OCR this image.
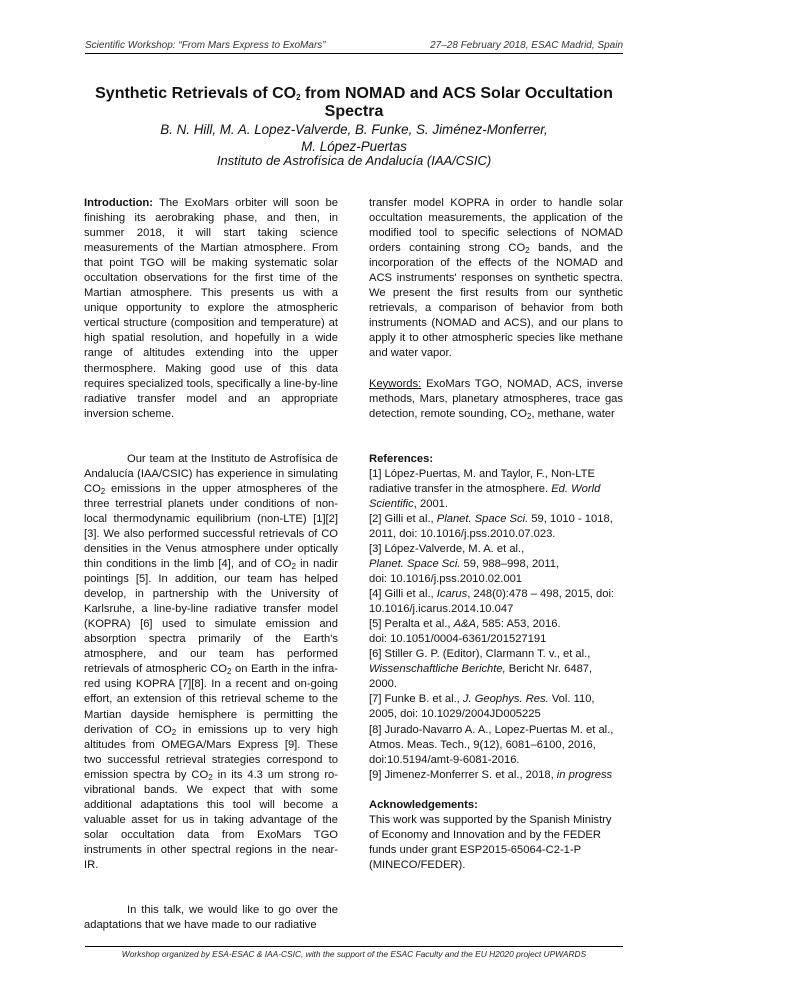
Scientific Workshop: “From Mars Express to ExoMars”	27–28 February 2018, ESAC Madrid, Spain
Synthetic Retrievals of $CO_2$ from NOMAD and ACS Solar Occultation
Spectra
B. N. Hill, M. A. Lopez-Valverde, B. Funke, S. Jiménez-Monferrer,
M. López-Puertas
Instituto de Astrofísica de Andalucía (IAA/CSIC)

Introduction: The ExoMars orbiter will soon be finishing its aerobraking phase, and then, in summer 2018, it will start taking science measurements of the Martian atmosphere. From that point TGO will be making systematic solar occultation observations for the first time of the Martian atmosphere. This presents us with a unique opportunity to explore the atmospheric vertical structure (composition and temperature) at high spatial resolution, and hopefully in a wide range of altitudes extending into the upper thermosphere. Making good use of this data requires specialized tools, specifically a line-by-line radiative transfer model and an appropriate inversion scheme.

Our team at the Instituto de Astrofísica de Andalucía (IAA/CSIC) has experience in simulating $CO_2$ emissions in the upper atmospheres of the three terrestrial planets under conditions of non-local thermodynamic equilibrium (non-LTE) [1][2][3]. We also performed successful retrievals of CO densities in the Venus atmosphere under optically thin conditions in the limb [4], and of $CO_2$ in nadir pointings [5]. In addition, our team has helped develop, in partnership with the University of Karlsruhe, a line-by-line radiative transfer model (KOPRA) [6] used to simulate emission and absorption spectra primarily of the Earth's atmosphere, and our team has performed retrievals of atmospheric $CO_2$ on Earth in the infra-red using KOPRA [7][8]. In a recent and on-going effort, an extension of this retrieval scheme to the Martian dayside hemisphere is permitting the derivation of $CO_2$ in emissions up to very high altitudes from OMEGA/Mars Express [9]. These two successful retrieval strategies correspond to emission spectra by $CO_2$ in its 4.3 um strong ro-vibrational bands. We expect that with some additional adaptations this tool will become a valuable asset for us in taking advantage of the solar occultation data from ExoMars TGO instruments in other spectral regions in the near-IR.

In this talk, we would like to go over the adaptations that we have made to our radiative

transfer model KOPRA in order to handle solar occultation measurements, the application of the modified tool to specific selections of NOMAD orders containing strong $CO_2$ bands, and the incorporation of the effects of the NOMAD and ACS instruments' responses on synthetic spectra. We present the first results from our synthetic retrievals, a comparison of behavior from both instruments (NOMAD and ACS), and our plans to apply it to other atmospheric species like methane and water vapor.

Keywords: ExoMars TGO, NOMAD, ACS, inverse methods, Mars, planetary atmospheres, trace gas detection, remote sounding, $CO_2$, methane, water

References:

[1] López-Puertas, M. and Taylor, F., Non-LTE radiative transfer in the atmosphere. Ed. World Scientific, 2001.

[2] Gilli et al., Planet. Space Sci. 59, 1010 - 1018, 2011, doi: 10.1016/j.pss.2010.07.023.

[3] López-Valverde, M. A. et al.,
Planet. Space Sci. 59, 988–998, 2011,
doi: 10.1016/j.pss.2010.02.001

[4] Gilli et al., Icarus, 248(0):478 – 498, 2015, doi: 10.1016/j.icarus.2014.10.047

[5] Peralta et al., A&A, 585: A53, 2016.
doi: 10.1051/0004-6361/201527191

[6] Stiller G. P. (Editor), Clarmann T. v., et al.,
Wissenschaftliche Berichte, Bericht Nr. 6487, 2000.

[7] Funke B. et al., J. Geophys. Res. Vol. 110, 2005, doi: 10.1029/2004JD005225

[8] Jurado-Navarro A. A., Lopez-Puertas M. et al., Atmos. Meas. Tech., 9(12), 6081–6100, 2016, doi:10.5194/amt-9-6081-2016.

[9] Jimenez-Monferrer S. et al., 2018, in progress

Acknowledgements:

This work was supported by the Spanish Ministry of Economy and Innovation and by the FEDER funds under grant ESP2015-65064-C2-1-P (MINECO/FEDER).

Workshop organized by ESA-ESAC & IAA-CSIC, with the support of the ESAC Faculty and the EU H2020 project UPWARDS
